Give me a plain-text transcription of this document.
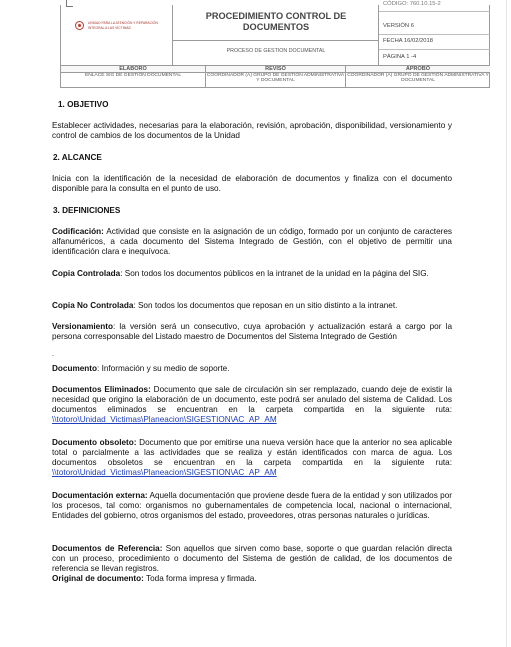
UNIDAD PARA LA ATENCIÓN Y REPARACIÓN INTEGRAL A LAS VÍCTIMAS
PROCEDIMIENTO CONTROL DE DOCUMENTOS
PROCESO DE GESTION DOCUMENTAL
CÓDIGO: 760.10.15-2
VERSIÓN 6
FECHA 16/02/2018
PÁGINA 1 -4
ELABORO
ENLACE SIG DE GESTIÓN DOCUMENTAL
REVISÓ
COORDINADOR (A) GRUPO DE GESTIÓN ADMINISTRATIVA Y DOCUMENTAL
APROBÓ
COORDINADOR (A) GRUPO DE GESTIÓN ADMINISTRATIVA Y DOCUMENTAL
1. OBJETIVO
Establecer actividades, necesarias para la elaboración, revisión, aprobación, disponibilidad, versionamiento y control de cambios de los documentos de la Unidad
2. ALCANCE
Inicia con la identificación de la necesidad de elaboración de documentos y finaliza con el documento disponible para la consulta en el punto de uso.
3. DEFINICIONES
Codificación: Actividad que consiste en la asignación de un código, formado por un conjunto de caracteres alfanuméricos, a cada documento del Sistema Integrado de Gestión, con el objetivo de permitir una identificación clara e inequívoca.
Copia Controlada: Son todos los documentos públicos en la intranet de la unidad en la página del SIG.
Copia No Controlada: Son todos los documentos que reposan en un sitio distinto a la intranet.
Versionamiento: la versión será un consecutivo, cuya aprobación y actualización estará a cargo por la persona corresponsable del Listado maestro de Documentos del Sistema Integrado de Gestión
.
Documento: Información y su medio de soporte.
Documentos Eliminados: Documento que sale de circulación sin ser remplazado, cuando deje de existir la necesidad que origino la elaboración de un documento, este podrá ser anulado del sistema de Calidad. Los documentos eliminados se encuentran en la carpeta compartida en la siguiente ruta: \\totoro\Unidad_Victimas\Planeacion\SIGESTION\AC_AP_AM
Documento obsoleto: Documento que por emitirse una nueva versión hace que la anterior no sea aplicable total o parcialmente a las actividades que se realiza y están identificados con marca de agua. Los documentos obsoletos se encuentran en la carpeta compartida en la siguiente ruta: \\totoro\Unidad_Victimas\Planeacion\SIGESTION\AC_AP_AM
Documentación externa: Aquella documentación que proviene desde fuera de la entidad y son utilizados por los procesos, tal como: organismos no gubernamentales de competencia local, nacional o internacional, Entidades del gobierno, otros organismos del estado, proveedores, otras personas naturales o jurídicas.
Documentos de Referencia: Son aquellos que sirven como base, soporte o que guardan relación directa con un proceso, procedimiento o documento del Sistema de gestión de calidad, de los documentos de referencia se llevan registros.
Original de documento: Toda forma impresa y firmada.
